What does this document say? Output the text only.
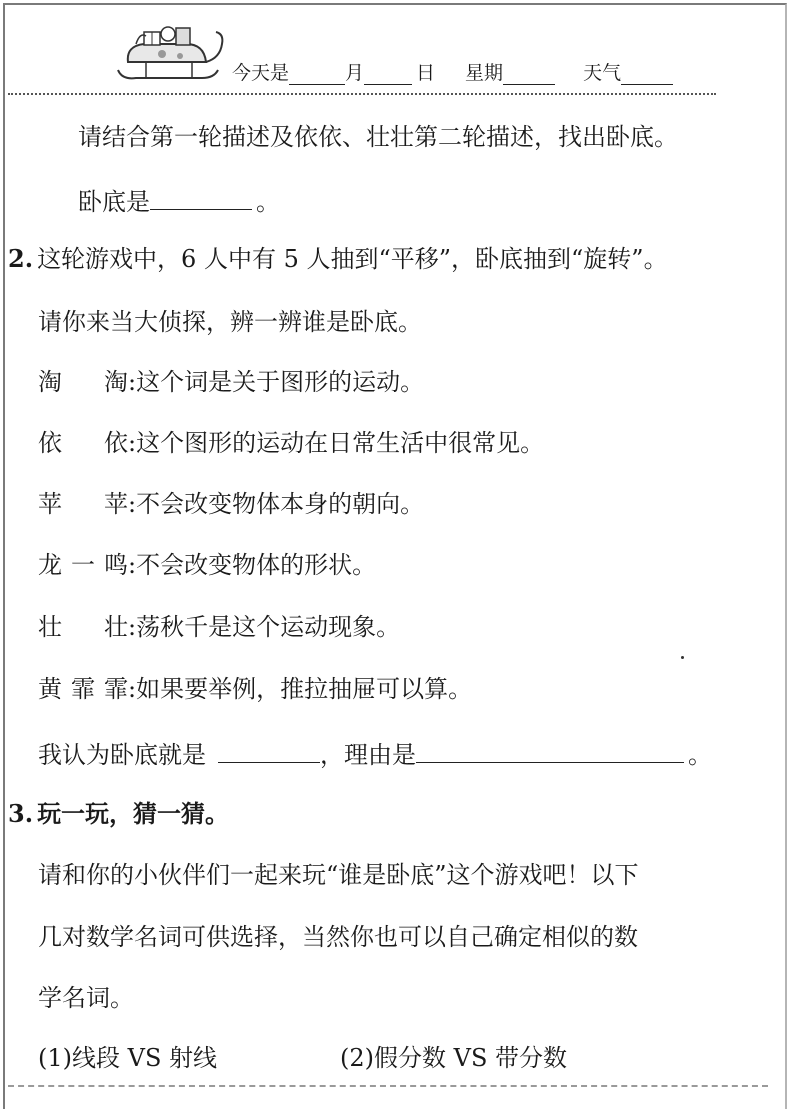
今天是	月	日 星期	天气
请结合第一轮描述及依依、壮壮第二轮描述，找出卧底。
卧底是	。
2. 这轮游戏中，6 人中有 5 人抽到“平移”，卧底抽到“旋转”。
请你来当大侦探，辨一辨谁是卧底。
淘　淘 :这个词是关于图形的运动。
依　依 :这个图形的运动在日常生活中很常见。
苹　苹 :不会改变物体本身的朝向。
龙一鸣 :不会改变物体的形状。
壮　壮 :荡秋千是这个运动现象。
黄霏霏 :如果要举例，推拉抽屉可以算。
我认为卧底就是	，理由是	。
3. 玩一玩，猜一猜。
请和你的小伙伴们一起来玩“谁是卧底”这个游戏吧！以下
几对数学名词可供选择，当然你也可以自己确定相似的数
学名词。
(1)线段 VS 射线	(2)假分数 VS 带分数
